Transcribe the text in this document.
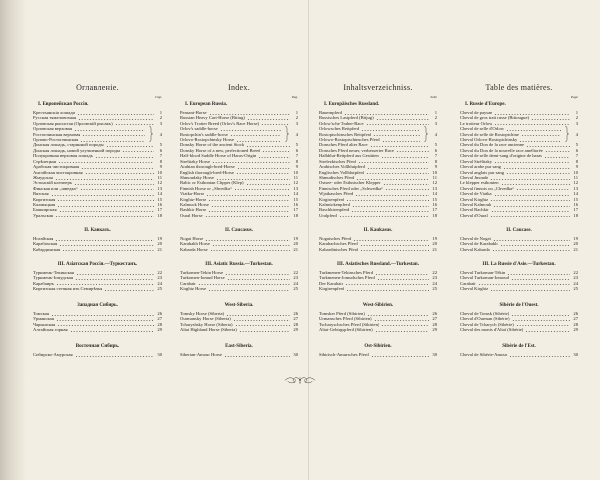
Оглавленіе.
Стр.
I. Европейская Россія.
Крестьянскія лошади	1
Русская тяжеловозная	2
Орловская рысистая (Орловскій рысакъ)	3
Орловская верховая
Ростопчинская верховая
Орлово-Ростопчинская
4
Донская лошадь, старинной породы	5
Донская лошадь, новой улучшенной породы	6
Полукровная верховая лошадь	7
Стрѣлецкая	8
Арабская чистокровная	9
Англійская чистокровная	10
Жмудская	11
Эстонскій клепперъ	12
Финская или „шведка“	13
Вятская	14
Киргизская	15
Калмыцкая	16
Башкирская	17
Уральская	18
II. Кавказъ.
Ногайская	19
Карабахская	20
Кабардинская	21
III. Азіатская Россія.—Туркестанъ.
Туркменъ-Текинская	22
Туркменъ-Іомудская	23
Карабаиръ	24
Киргизская степная изъ Семирѣчья	25
Западная Сибирь.
Томская	26
Урманская	27
Чарышская	28
Алтайская горная	29
Восточная Сибирь.
Сибирско-Амурская	30
Index.
Pag.
I. European Russia.
Peasant-Horse	1
Russian Heavy Cart-Horse (Bitiug)	2
Orlov's Trotter Breed (Orlov's Race Horse)	3
Orlov's saddle-horse
Rostopchin's saddle-horse
Orlovo-Rostopchinsky Horse
4
Donsky Horse of the ancient Stock	5
Donsky Horse of a new, perfectioned Breed	6
Half-blood Saddle Horse of Haras-Origin	7
Strelitzky Horse	8
Arabian thorough-bred-Horse	9
English thorough-bred-Horse	10
Shmoudzky Horse	11
Baltic or Esthonian Clipper (Klep)	12
Finnish Horse or „Shvedka“	13
Viatka-Horse	14
Kirghiz-Horse	15
Kalmuck Horse	16
Bashkir Horse	17
Oural Horse	18
II. Caucasus.
Nogai Horse	19
Karabakh Horse	20
Kabarda Horse	21
III. Asiatic Russia.—Turkestan.
Turkomen-Tekin Horse	22
Turkomen-Iomud Horse	23
Carabair	24
Kirghiz Horse	25
West-Siberia.
Tomsky Horse (Siberia)	26
Ourmansky Horse (Siberia)	27
Tcharyshsky Horse (Siberia)	28
Altai Highland Horse (Siberia)	29
East-Siberia.
Siberian-Amour Horse	30
Inhaltsverzeichniss.
Seite
I. Europäisches Russland.
Bauernpferd	1
Russisches Lastpferd (Bitjug)	2
Orlow'sche Traber-Race	3
Orlowsches Reitpferd
Rostoptschinsches Reitpferd
Orlowo-Rostoptschinsches Pferd
4
Donsches Pferd alter Race	5
Donsches Pferd neuer, verbesserter Race	6
Halbblut-Reitpferd aus Gestüten	7
Strelezkisches Pferd	8
Arabisches Vollblutpferd	9
Englisches Vollblutpferd	10
Shmudisches Pferd	11
Ostsee- oder Esthnischer Klepper	12
Finnisches Pferd oder „Schwedka“	13
Wjatkasches Pferd	14
Kirgisenpferd	15
Kalmückenpferd	16
Baschkirenpferd	17
Uralpferd	18
II. Kaukasus.
Nogaisches Pferd	19
Karabachsches Pferd	20
Kabardinisches Pferd	21
III. Asiatisches Russland.—Turkestan.
Turkmenen-Tekinsches Pferd	22
Turkmenen-Jomudsches Pferd	23
Der Karabair	24
Kirgisenpferd	25
West-Sibirien.
Tomsker Pferd (Sibirien)	26
Urmansches Pferd (Sibirien)	27
Tscharyschsches Pferd (Sibirien)	28
Altai-Gebirgspferd (Sibirien)	29
Ost-Sibirien.
Sibirisch-Amursches Pferd	30
Table des matières.
Page
I. Russie d'Europe.
Cheval de paysan	1
Cheval de gros trait russe (Bitiougue)	2
Le trotteur Orlow	3
Cheval de selle d'Orlow
Cheval de selle de Rostoptchine
Cheval Orlovo-Rostoptchinsky
4
Cheval du Don de la race ancienne	5
Cheval du Don de la nouvelle race améliorée	6
Cheval de selle demi-sang d'origine de haras	7
Cheval Strélitzky	8
Cheval arabe pur sang	9
Cheval anglais pur sang	10
Cheval Jmoude	11
Le klepper esthonien	12
Cheval finnois ou „Chvedka“	13
Cheval de Viatka	14
Cheval Kirghiz	15
Cheval Kalmouk	16
Cheval Bachkir	17
Cheval d'Oural	18
II. Caucase.
Cheval de Nogaï	19
Cheval de Karabakh	20
Cheval Kabarda	21
III. La Russie d'Asie.—Turkestan.
Cheval Turkoman-Tékin	22
Cheval Turkoman-Iomoud	23
Carabaïr	24
Cheval Kirghiz	25
Sibérie de l'Ouest.
Cheval de Tomsk (Sibérie)	26
Cheval d'Ourman (Sibérie)	27
Cheval de Tcharych (Sibérie)	28
Cheval des monts d'Altaï (Sibérie)	29
Sibérie de l'Est.
Cheval de Sibérie-Amour	30
